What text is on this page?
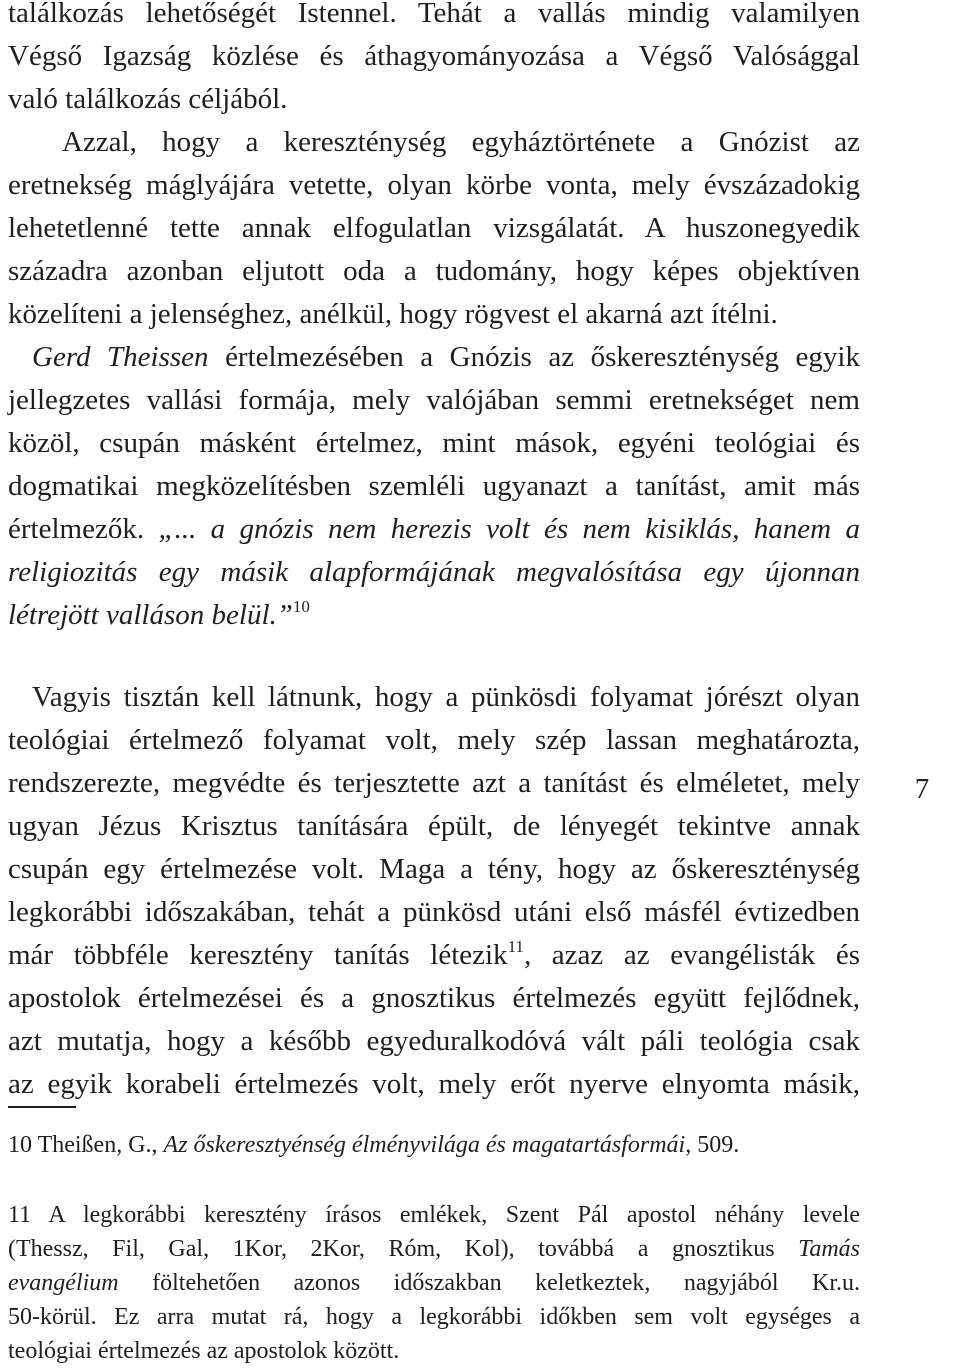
találkozás lehetőségét Istennel. Tehát a vallás mindig valamilyen
Végső Igazság közlése és áthagyományozása a Végső Valósággal
való találkozás céljából.
Azzal, hogy a kereszténység egyháztörténete a Gnózist az
eretnekség máglyájára vetette, olyan körbe vonta, mely évszázadokig
lehetetlenné tette annak elfogulatlan vizsgálatát. A huszonegyedik
századra azonban eljutott oda a tudomány, hogy képes objektíven
közelíteni a jelenséghez, anélkül, hogy rögvest el akarná azt ítélni.
Gerd Theissen értelmezésében a Gnózis az őskereszténység egyik
jellegzetes vallási formája, mely valójában semmi eretnekséget nem
közöl, csupán másként értelmez, mint mások, egyéni teológiai és
dogmatikai megközelítésben szemléli ugyanazt a tanítást, amit más
értelmezők. „... a gnózis nem herezis volt és nem kisiklás, hanem a
religiozitás egy másik alapformájának megvalósítása egy újonnan
létrejött valláson belül.”$^{10}$
Vagyis tisztán kell látnunk, hogy a pünkösdi folyamat jórészt olyan
teológiai értelmező folyamat volt, mely szép lassan meghatározta,
rendszerezte, megvédte és terjesztette azt a tanítást és elméletet, mely
ugyan Jézus Krisztus tanítására épült, de lényegét tekintve annak
csupán egy értelmezése volt. Maga a tény, hogy az őskereszténység
legkorábbi időszakában, tehát a pünkösd utáni első másfél évtizedben
már többféle keresztény tanítás létezik$^{11}$, azaz az evangélisták és
apostolok értelmezései és a gnosztikus értelmezés együtt fejlődnek,
azt mutatja, hogy a később egyeduralkodóvá vált páli teológia csak
az egyik korabeli értelmezés volt, mely erőt nyerve elnyomta másik,
7
10 Theißen, G., Az őskeresztyénség élményvilága és magatartásformái, 509.
11 A legkorábbi keresztény írásos emlékek, Szent Pál apostol néhány levele
(Thessz, Fil, Gal, 1Kor, 2Kor, Róm, Kol), továbbá a gnosztikus Tamás
evangélium föltehetően azonos időszakban keletkeztek, nagyjából Kr.u.
50-körül. Ez arra mutat rá, hogy a legkorábbi időkben sem volt egységes a
teológiai értelmezés az apostolok között.
